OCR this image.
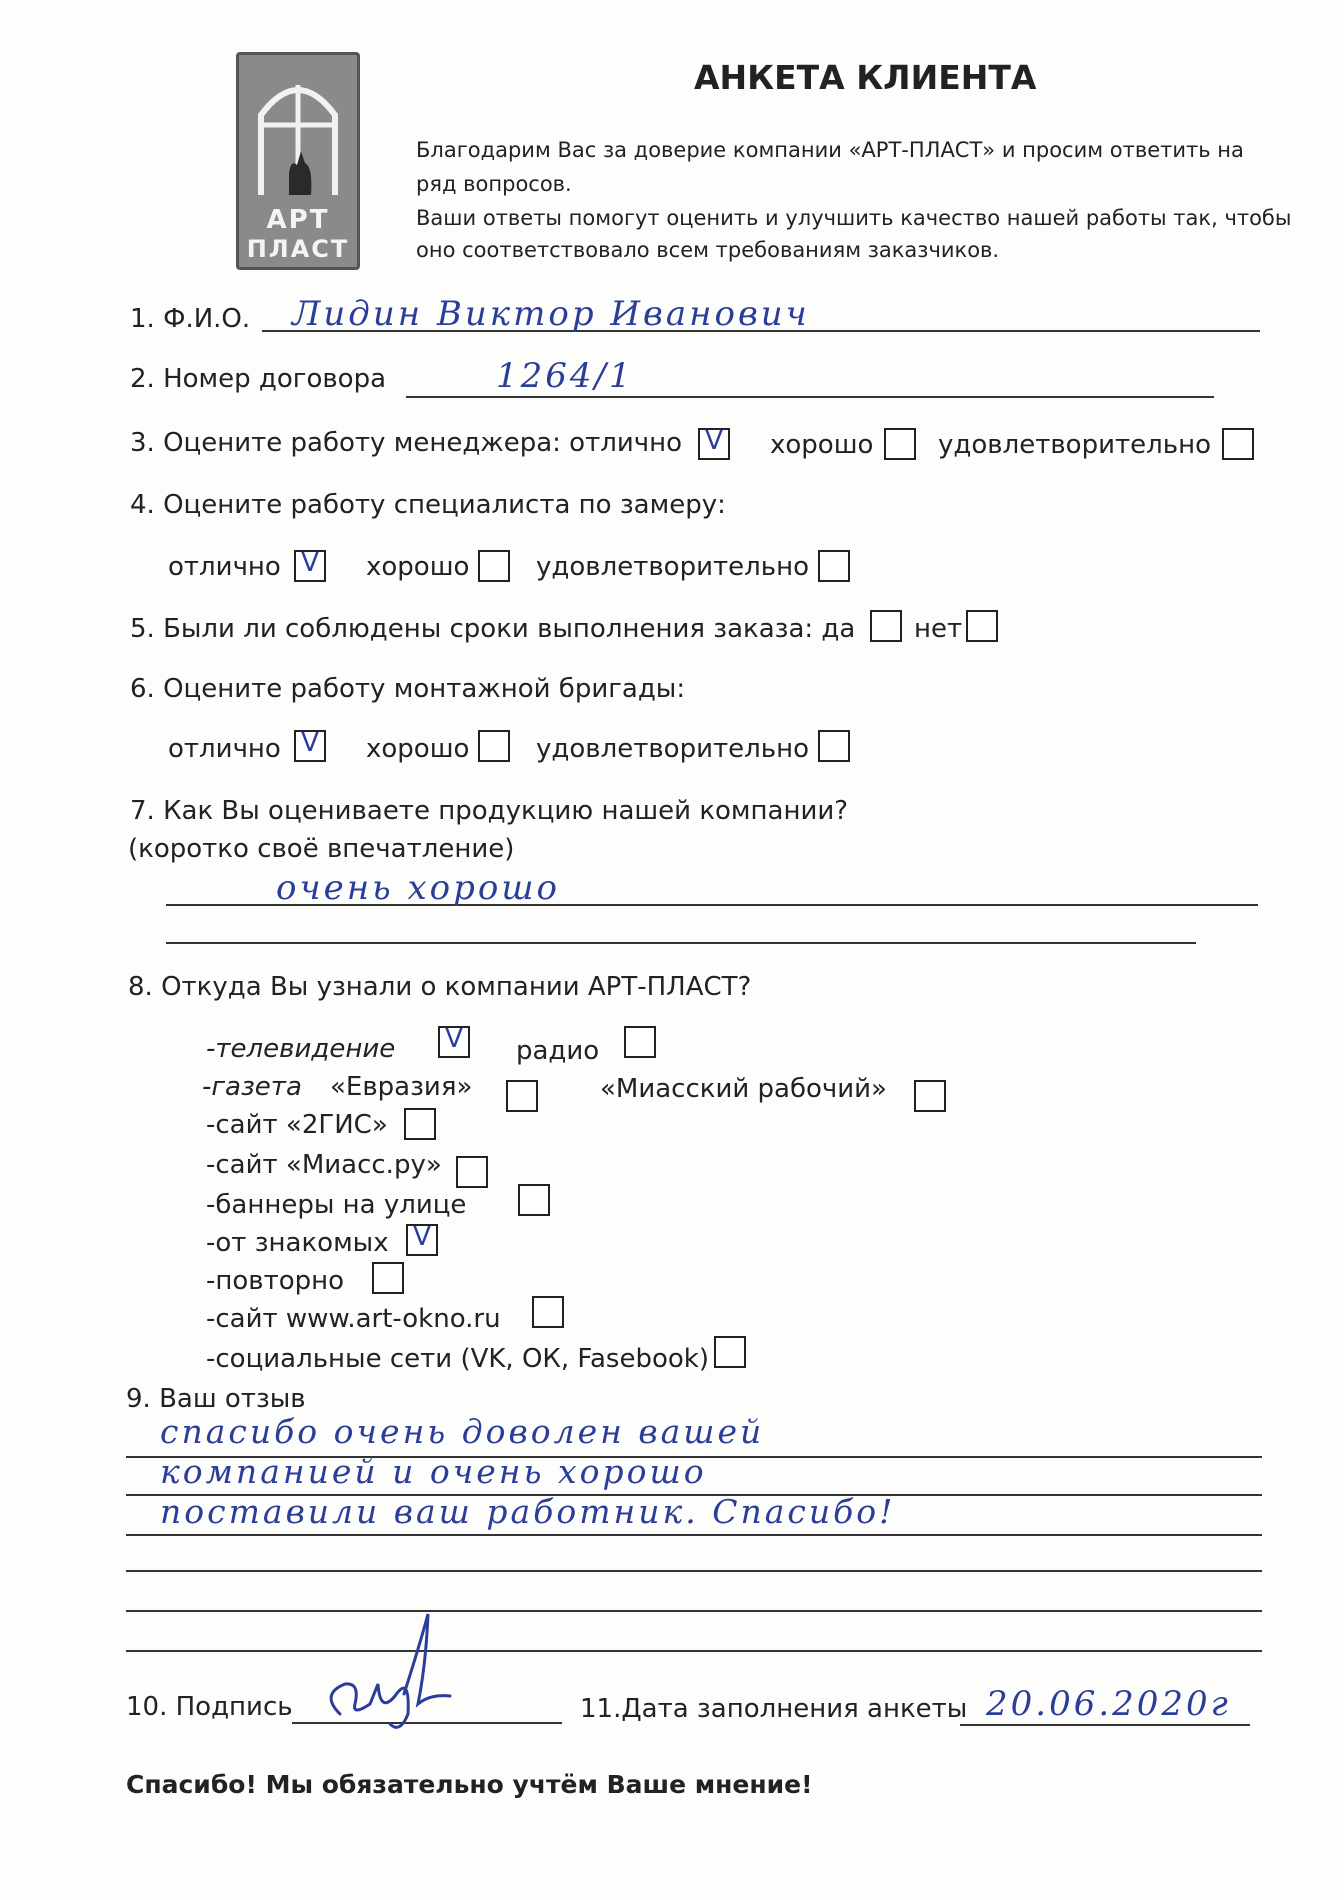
АРТ
ПЛАСТ
АНКЕТА КЛИЕНТА
Благодарим Вас за доверие компании «АРТ-ПЛАСТ» и просим ответить на
ряд вопросов.
Ваши ответы помогут оценить и улучшить качество нашей работы так, чтобы
оно соответствовало всем требованиям заказчиков.
1. Ф.И.О. Лидин Виктор Иванович
2. Номер договора	1264/1
3. Оцените работу менеджера: отлично V хорошо удовлетворительно
4. Оцените работу специалиста по замеру:
отлично V хорошо	удовлетворительно
5. Были ли соблюдены сроки выполнения заказа: да нет
6. Оцените работу монтажной бригады:
отлично V хорошо	удовлетворительно
7. Как Вы оцениваете продукцию нашей компании?
(коротко своё впечатление)
очень хорошо
8. Откуда Вы узнали о компании АРТ-ПЛАСТ?
-телевидение V радио
-газета «Евразия»	«Миасский рабочий»
-сайт «2ГИС»
-сайт «Миасс.ру»
-баннеры на улице
-от знакомых V
-повторно
-сайт www.art-okno.ru
-социальные сети (VK, ОК, Fasebook)
9. Ваш отзыв
спасибо очень доволен вашей
компанией и очень хорошо
поставили ваш работник. Спасибо!
10. Подпись	11.Дата заполнения анкеты 20.06.2020г
Спасибо! Мы обязательно учтём Ваше мнение!
